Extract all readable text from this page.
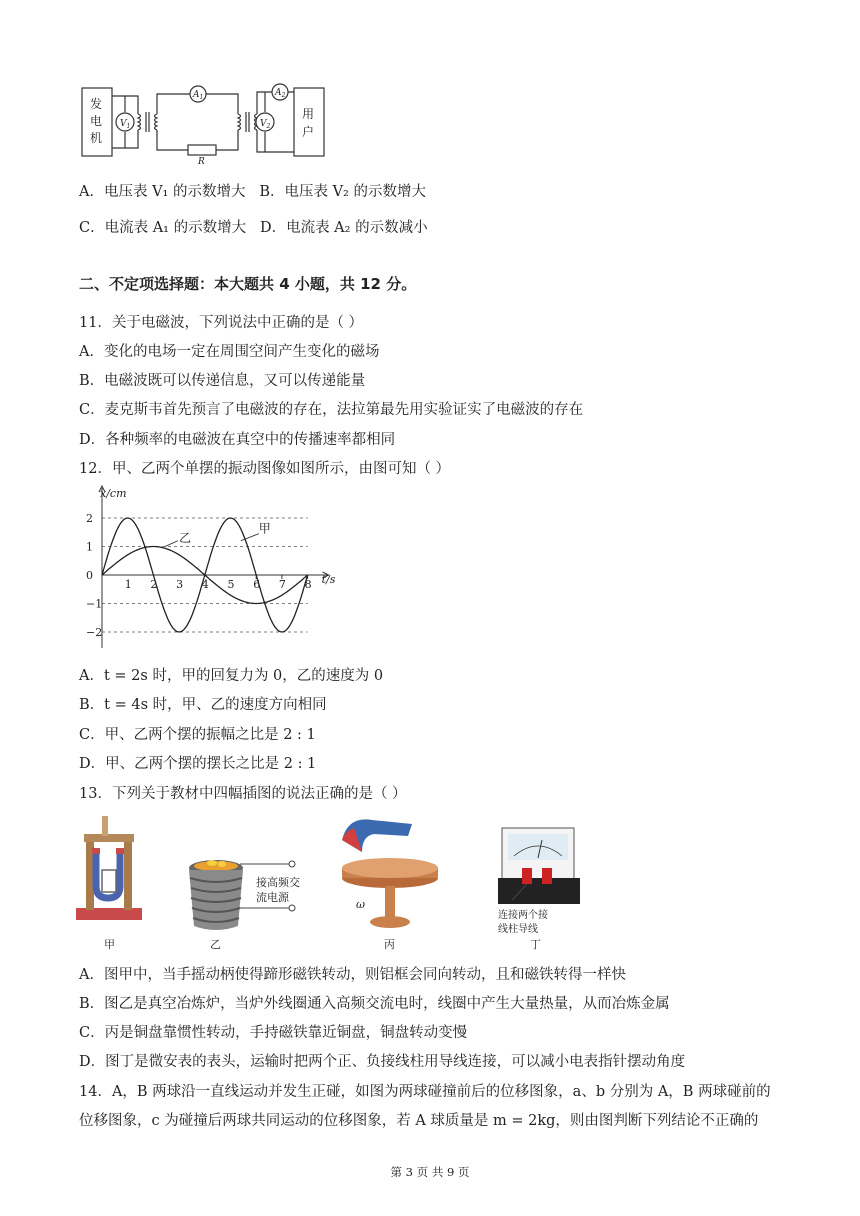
发
电
机
用
户
$V_1$	$V_2$
$A_1$	$A_2$
R
A．电压表 V₁ 的示数增大 B．电压表 V₂ 的示数增大
C．电流表 A₁ 的示数增大 D．电流表 A₂ 的示数减小
二、不定项选择题：本大题共 4 小题，共 12 分。
11．关于电磁波，下列说法中正确的是（ ）
A．变化的电场一定在周围空间产生变化的磁场
B．电磁波既可以传递信息，又可以传递能量
C．麦克斯韦首先预言了电磁波的存在，法拉第最先用实验证实了电磁波的存在
D．各种频率的电磁波在真空中的传播速率都相同
12．甲、乙两个单摆的振动图像如图所示，由图可知（ ）
1 2 3 4 5 6 7 8
2
1
0
−1
−2
x/cm
t/s
甲
乙
A．t = 2s 时，甲的回复力为 0，乙的速度为 0
B．t = 4s 时，甲、乙的速度方向相同
C．甲、乙两个摆的振幅之比是 2 : 1
D．甲、乙两个摆的摆长之比是 2 : 1
13．下列关于教材中四幅插图的说法正确的是（ ）
接高频交
流电源
ω
连接两个接
线柱导线
甲	乙	丙	丁
A．图甲中，当手摇动柄使得蹄形磁铁转动，则铝框会同向转动，且和磁铁转得一样快
B．图乙是真空冶炼炉，当炉外线圈通入高频交流电时，线圈中产生大量热量，从而冶炼金属
C．丙是铜盘靠惯性转动，手持磁铁靠近铜盘，铜盘转动变慢
D．图丁是微安表的表头，运输时把两个正、负接线柱用导线连接，可以减小电表指针摆动角度
14．A，B 两球沿一直线运动并发生正碰，如图为两球碰撞前后的位移图象，a、b 分别为 A，B 两球碰前的
位移图象，c 为碰撞后两球共同运动的位移图象，若 A 球质量是 m = 2kg，则由图判断下列结论不正确的
第 3 页 共 9 页
